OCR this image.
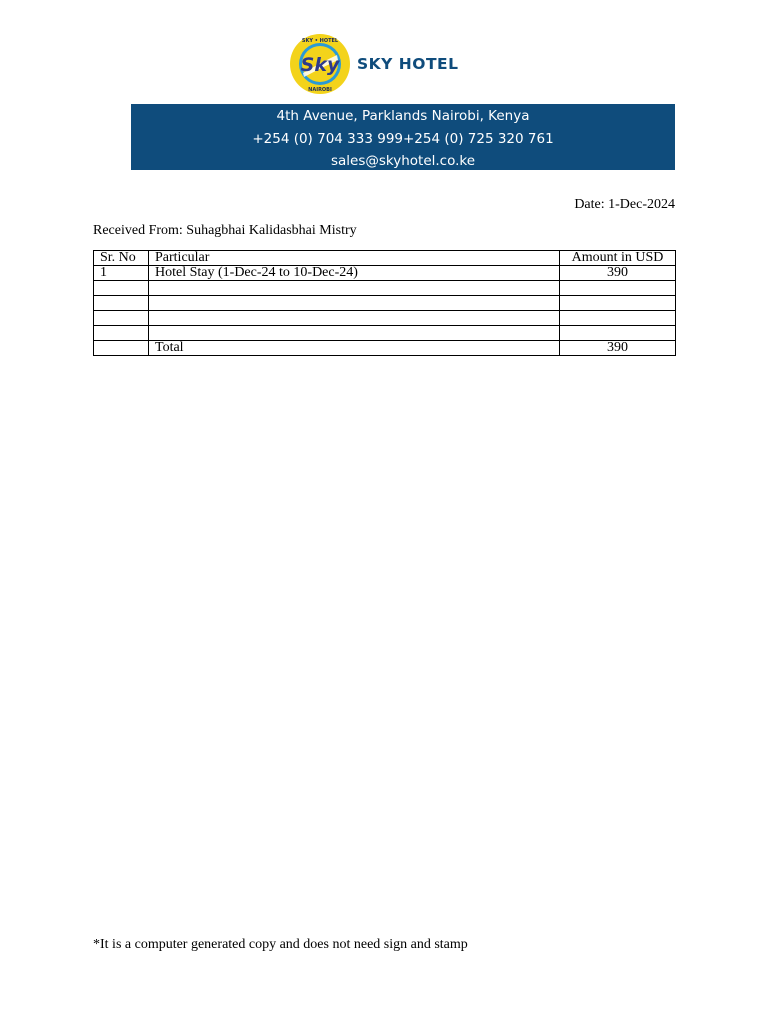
Sky
SKY • HOTEL
NAIROBI
SKY HOTEL
4th Avenue, Parklands Nairobi, Kenya
+254 (0) 704 333 999+254 (0) 725 320 761
sales@skyhotel.co.ke
Date: 1-Dec-2024
Received From: Suhagbhai Kalidasbhai Mistry
Sr. No	Particular	Amount in USD
1	Hotel Stay (1-Dec-24 to 10-Dec-24)	390

	Total	390
*It is a computer generated copy and does not need sign and stamp
